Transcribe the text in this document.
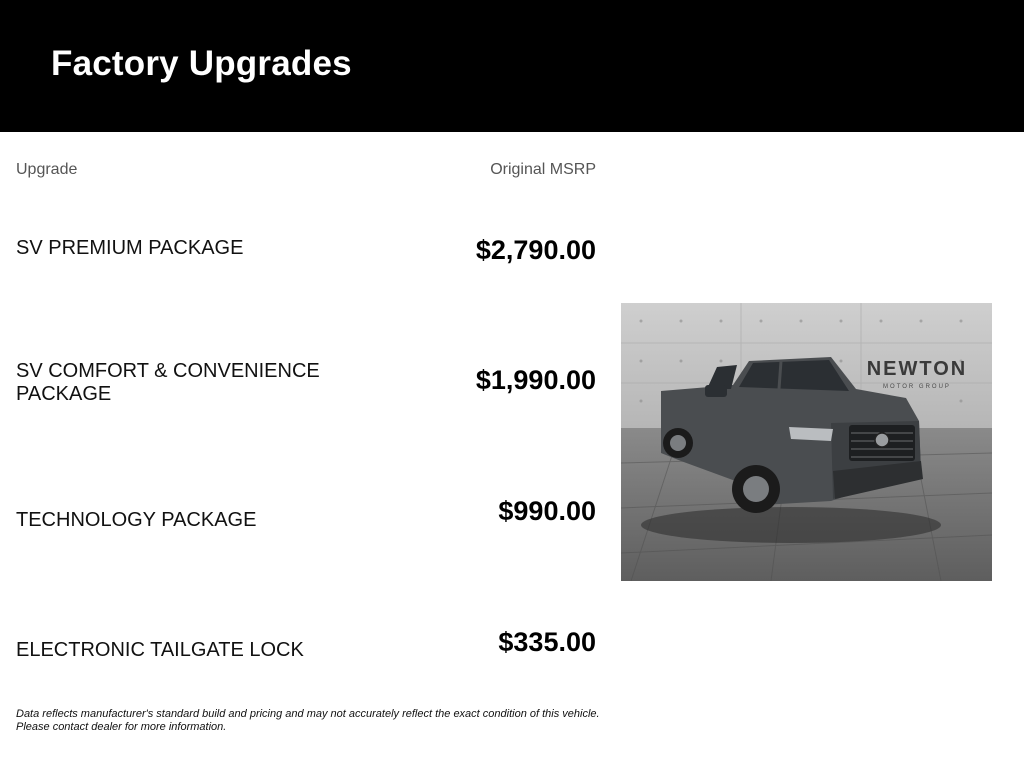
Factory Upgrades
Upgrade	Original MSRP
SV PREMIUM PACKAGE	$2,790.00
SV COMFORT & CONVENIENCE PACKAGE	$1,990.00
TECHNOLOGY PACKAGE	$990.00
ELECTRONIC TAILGATE LOCK	$335.00
Data reflects manufacturer's standard build and pricing and may not accurately reflect the exact condition of this vehicle.
Please contact dealer for more information.
NEWTON
MOTOR GROUP
